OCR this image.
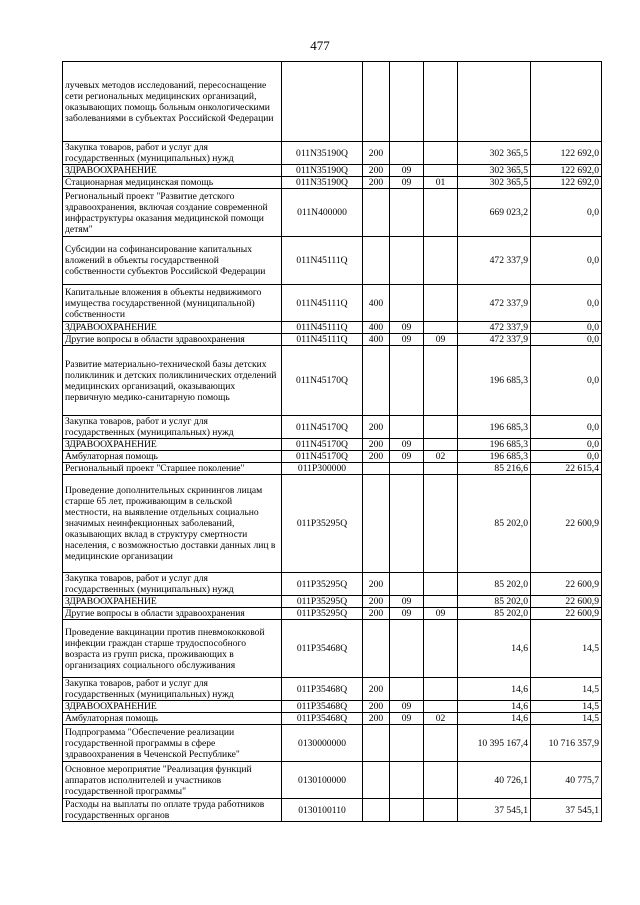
477
лучевых методов исследований, пересоснащение сети региональных медицинских организаций, оказывающих помощь больным онкологическими заболеваниями в субъектах Российской Федерации						
Закупка товаров, работ и услуг для государственных (муниципальных) нужд	011N35190Q	200			302 365,5	122 692,0
ЗДРАВООХРАНЕНИЕ	011N35190Q	200	09		302 365,5	122 692,0
Стационарная медицинская помощь	011N35190Q	200	09	01	302 365,5	122 692,0
Региональный проект "Развитие детского здравоохранения, включая создание современной инфраструктуры оказания медицинской помощи детям"	011N400000				669 023,2	0,0
Субсидии на софинансирование капитальных вложений в объекты государственной собственности субъектов Российской Федерации	011N45111Q				472 337,9	0,0
Капитальные вложения в объекты недвижимого имущества государственной (муниципальной) собственности	011N45111Q	400			472 337,9	0,0
ЗДРАВООХРАНЕНИЕ	011N45111Q	400	09		472 337,9	0,0
Другие вопросы в области здравоохранения	011N45111Q	400	09	09	472 337,9	0,0
Развитие материально-технической базы детских поликлиник и детских поликлинических отделений медицинских организаций, оказывающих первичную медико-санитарную помощь	011N45170Q				196 685,3	0,0
Закупка товаров, работ и услуг для государственных (муниципальных) нужд	011N45170Q	200			196 685,3	0,0
ЗДРАВООХРАНЕНИЕ	011N45170Q	200	09		196 685,3	0,0
Амбулаторная помощь	011N45170Q	200	09	02	196 685,3	0,0
Региональный проект "Старшее поколение"	011P300000				85 216,6	22 615,4
Проведение дополнительных скринингов лицам старше 65 лет, проживающим в сельской местности, на выявление отдельных социально значимых неинфекционных заболеваний, оказывающих вклад в структуру смертности населения, с возможностью доставки данных лиц в медицинские организации	011P35295Q				85 202,0	22 600,9
Закупка товаров, работ и услуг для государственных (муниципальных) нужд	011P35295Q	200			85 202,0	22 600,9
ЗДРАВООХРАНЕНИЕ	011P35295Q	200	09		85 202,0	22 600,9
Другие вопросы в области здравоохранения	011P35295Q	200	09	09	85 202,0	22 600,9
Проведение вакцинации против пневмококковой инфекции граждан старше трудоспособного возраста из групп риска, проживающих в организациях социального обслуживания	011P35468Q				14,6	14,5
Закупка товаров, работ и услуг для государственных (муниципальных) нужд	011P35468Q	200			14,6	14,5
ЗДРАВООХРАНЕНИЕ	011P35468Q	200	09		14,6	14,5
Амбулаторная помощь	011P35468Q	200	09	02	14,6	14,5
Подпрограмма "Обеспечение реализации государственной программы в сфере здравоохранения в Чеченской Республике"	0130000000				10 395 167,4	10 716 357,9
Основное мероприятие "Реализация функций аппаратов исполнителей и участников государственной программы"	0130100000				40 726,1	40 775,7
Расходы на выплаты по оплате труда работников государственных органов	0130100110				37 545,1	37 545,1
